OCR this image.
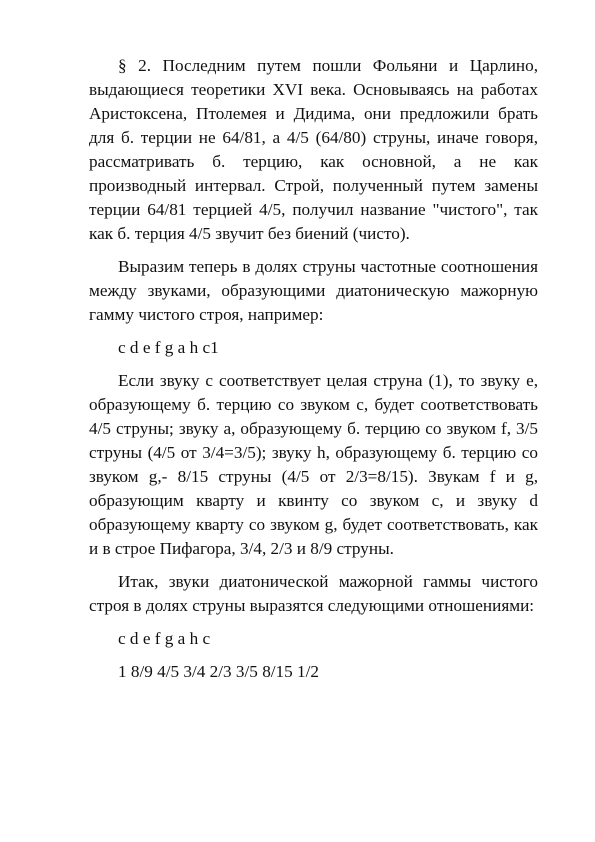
§ 2. Последним путем пошли Фольяни и Царлино, выдающиеся теоретики XVI века. Основываясь на работах Аристоксена, Птолемея и Дидима, они предложили брать для б. терции не 64/81, а 4/5 (64/80) струны, иначе говоря, рассматривать б. терцию, как основной, а не как производный интервал. Строй, полученный путем замены терции 64/81 терцией 4/5, получил название "чистого", так как б. терция 4/5 звучит без биений (чисто).

Выразим теперь в долях струны частотные соотношения между звуками, образующими диатоническую мажорную гамму чистого строя, например:

c d e f g a h c1

Если звуку c соответствует целая струна (1), то звуку e, образующему б. терцию со звуком c, будет соответствовать 4/5 струны; звуку a, образующему б. терцию со звуком f, 3/5 струны (4/5 от 3/4=3/5); звуку h, образующему б. терцию со звуком g,- 8/15 струны (4/5 от 2/3=8/15). Звукам f и g, образующим кварту и квинту со звуком c, и звуку d образующему кварту со звуком g, будет соответствовать, как и в строе Пифагора, 3/4, 2/3 и 8/9 струны.

Итак, звуки диатонической мажорной гаммы чистого строя в долях струны выразятся следующими отношениями:

c d e f g a h c

1 8/9 4/5 3/4 2/3 3/5 8/15 1/2
